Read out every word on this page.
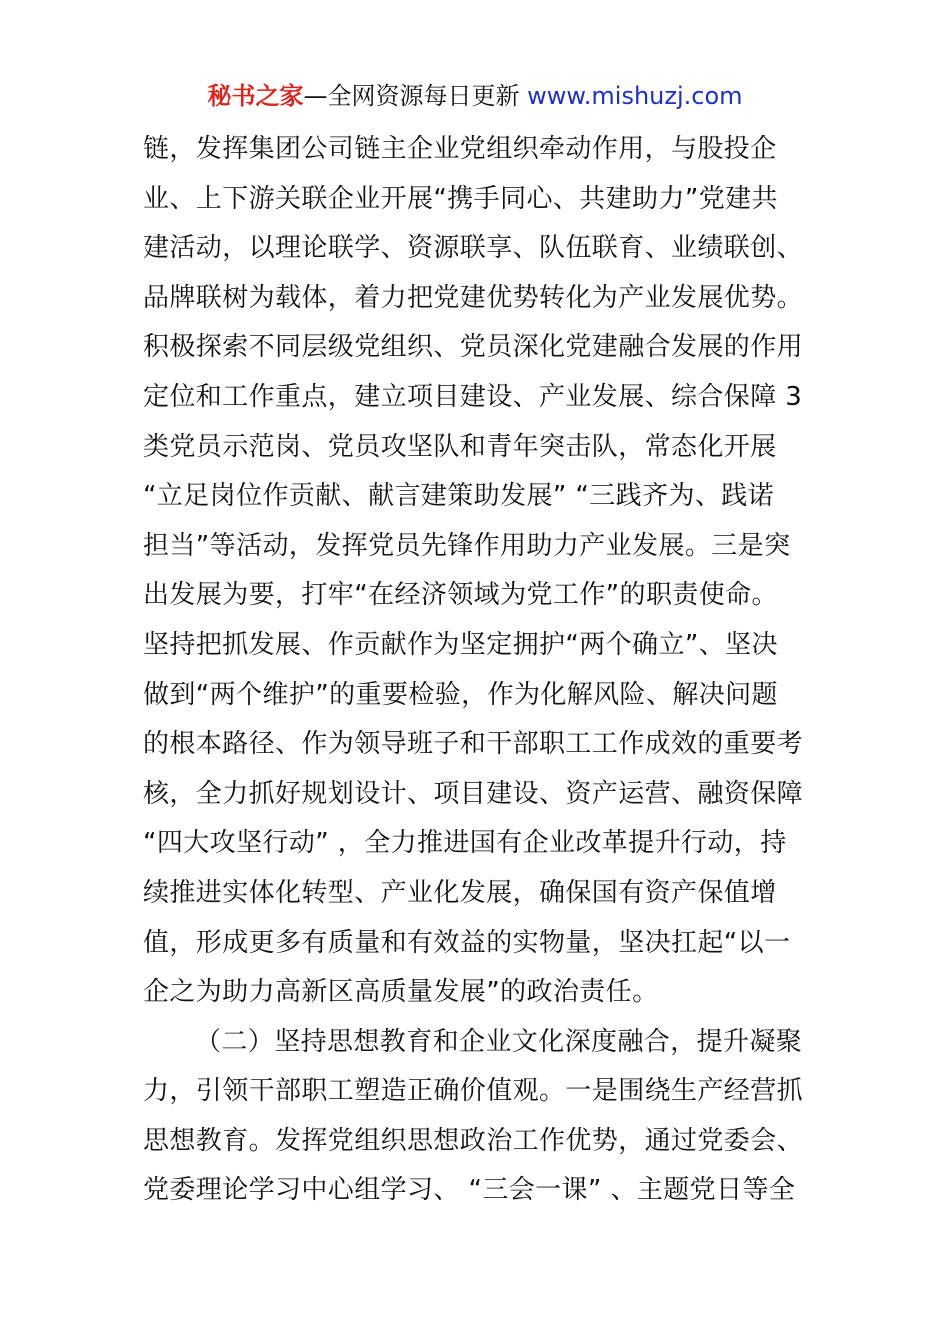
秘书之家—全网资源每日更新 www.mishuzj.com
链，发挥集团公司链主企业党组织牵动作用，与股投企
业、上下游关联企业开展“携手同心、共建助力”党建共
建活动，以理论联学、资源联享、队伍联育、业绩联创、
品牌联树为载体，着力把党建优势转化为产业发展优势。
积极探索不同层级党组织、党员深化党建融合发展的作用
定位和工作重点，建立项目建设、产业发展、综合保障 3
类党员示范岗、党员攻坚队和青年突击队，常态化开展
“立足岗位作贡献、献言建策助发展” “三践齐为、践诺
担当”等活动，发挥党员先锋作用助力产业发展。三是突
出发展为要，打牢“在经济领域为党工作”的职责使命。
坚持把抓发展、作贡献作为坚定拥护“两个确立”、坚决
做到“两个维护”的重要检验，作为化解风险、解决问题
的根本路径、作为领导班子和干部职工工作成效的重要考
核，全力抓好规划设计、项目建设、资产运营、融资保障
“四大攻坚行动” ，全力推进国有企业改革提升行动，持
续推进实体化转型、产业化发展，确保国有资产保值增
值，形成更多有质量和有效益的实物量，坚决扛起“以一
企之为助力高新区高质量发展”的政治责任。
（二）坚持思想教育和企业文化深度融合，提升凝聚
力，引领干部职工塑造正确价值观。一是围绕生产经营抓
思想教育。发挥党组织思想政治工作优势，通过党委会、
党委理论学习中心组学习、 “三会一课” 、主题党日等全
